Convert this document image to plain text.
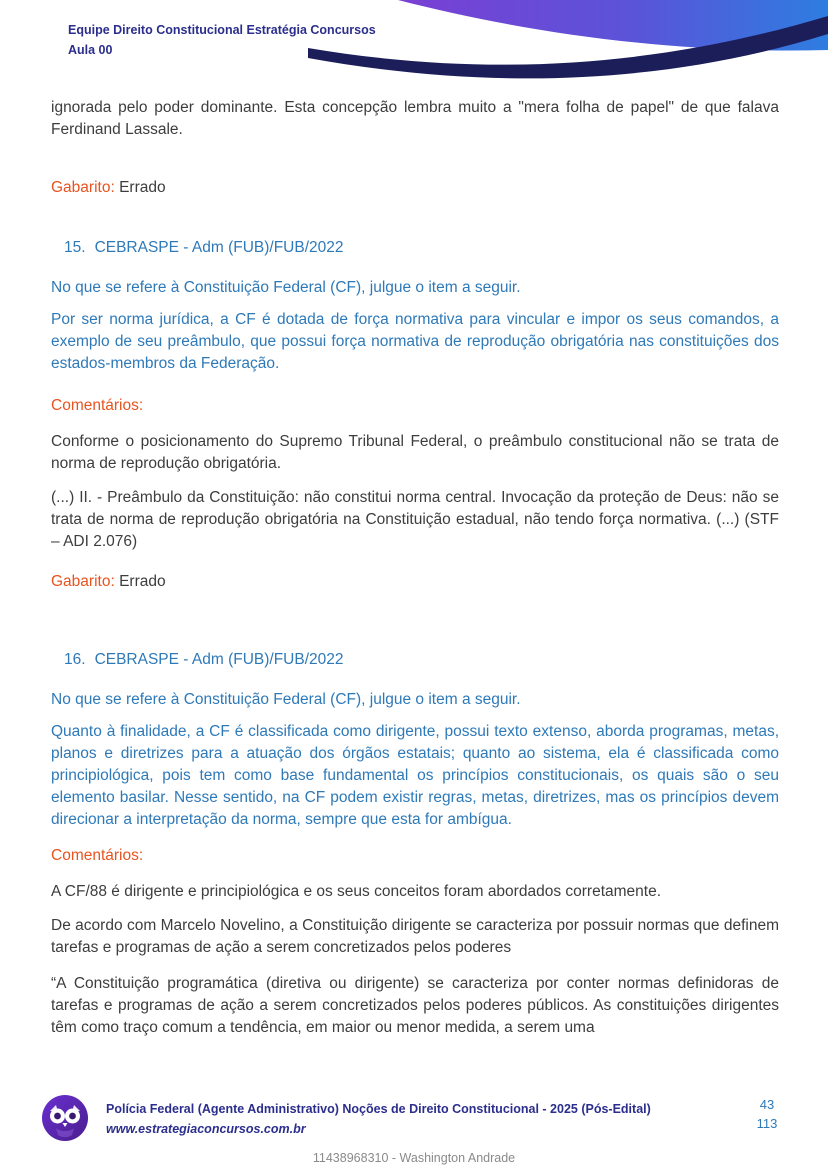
Equipe Direito Constitucional Estratégia Concursos
Aula 00

ignorada pelo poder dominante. Esta concepção lembra muito a "mera folha de papel" de que falava Ferdinand Lassale.

Gabarito: Errado

15. CEBRASPE - Adm (FUB)/FUB/2022

No que se refere à Constituição Federal (CF), julgue o item a seguir.

Por ser norma jurídica, a CF é dotada de força normativa para vincular e impor os seus comandos, a exemplo de seu preâmbulo, que possui força normativa de reprodução obrigatória nas constituições dos estados-membros da Federação.

Comentários:

Conforme o posicionamento do Supremo Tribunal Federal, o preâmbulo constitucional não se trata de norma de reprodução obrigatória.

(...) II. - Preâmbulo da Constituição: não constitui norma central. Invocação da proteção de Deus: não se trata de norma de reprodução obrigatória na Constituição estadual, não tendo força normativa. (...) (STF – ADI 2.076)

Gabarito: Errado

16. CEBRASPE - Adm (FUB)/FUB/2022

No que se refere à Constituição Federal (CF), julgue o item a seguir.

Quanto à finalidade, a CF é classificada como dirigente, possui texto extenso, aborda programas, metas, planos e diretrizes para a atuação dos órgãos estatais; quanto ao sistema, ela é classificada como principiológica, pois tem como base fundamental os princípios constitucionais, os quais são o seu elemento basilar. Nesse sentido, na CF podem existir regras, metas, diretrizes, mas os princípios devem direcionar a interpretação da norma, sempre que esta for ambígua.

Comentários:

A CF/88 é dirigente e principiológica e os seus conceitos foram abordados corretamente.

De acordo com Marcelo Novelino, a Constituição dirigente se caracteriza por possuir normas que definem tarefas e programas de ação a serem concretizados pelos poderes

“A Constituição programática (diretiva ou dirigente) se caracteriza por conter normas definidoras de tarefas e programas de ação a serem concretizados pelos poderes públicos. As constituições dirigentes têm como traço comum a tendência, em maior ou menor medida, a serem uma

Polícia Federal (Agente Administrativo) Noções de Direito Constitucional - 2025 (Pós-Edital)
www.estrategiaconcursos.com.br
43
113
11438968310 - Washington Andrade
